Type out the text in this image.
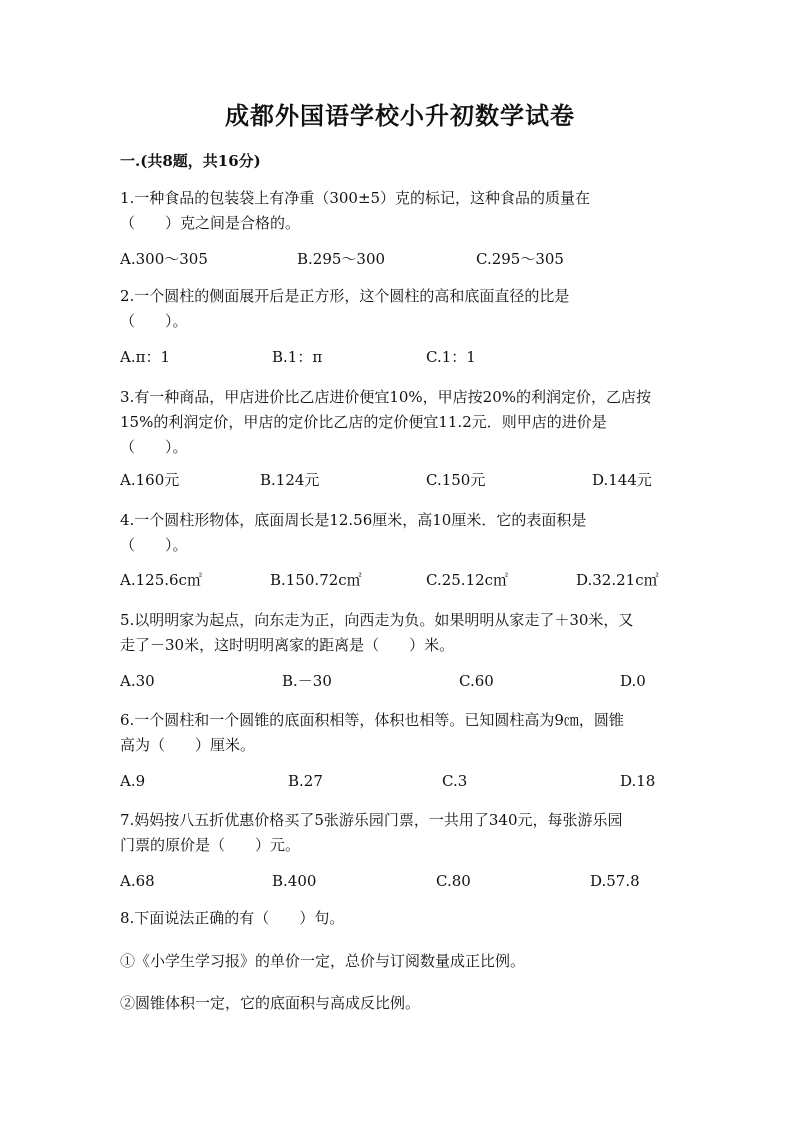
成都外国语学校小升初数学试卷
一.(共8题，共16分)
1.一种食品的包装袋上有净重（300±5）克的标记，这种食品的质量在
（　　）克之间是合格的。
A.300～305	B.295～300	C.295～305
2.一个圆柱的侧面展开后是正方形，这个圆柱的高和底面直径的比是
（　　）。
A.π：1	B.1：π	C.1：1
3.有一种商品，甲店进价比乙店进价便宜10%，甲店按20%的利润定价，乙店按
15%的利润定价，甲店的定价比乙店的定价便宜11.2元．则甲店的进价是
（　　）。
A.160元	B.124元	C.150元	D.144元
4.一个圆柱形物体，底面周长是12.56厘米，高10厘米．它的表面积是
（　　）。
A.125.6c㎡	B.150.72c㎡	C.25.12c㎡	D.32.21c㎡
5.以明明家为起点，向东走为正，向西走为负。如果明明从家走了＋30米，又
走了－30米，这时明明离家的距离是（　　）米。
A.30	B.－30	C.60	D.0
6.一个圆柱和一个圆锥的底面积相等，体积也相等。已知圆柱高为9㎝，圆锥
高为（　　）厘米。
A.9	B.27	C.3	D.18
7.妈妈按八五折优惠价格买了5张游乐园门票，一共用了340元，每张游乐园
门票的原价是（　　）元。
A.68	B.400	C.80	D.57.8
8.下面说法正确的有（　　）句。
①《小学生学习报》的单价一定，总价与订阅数量成正比例。
②圆锥体积一定，它的底面积与高成反比例。
